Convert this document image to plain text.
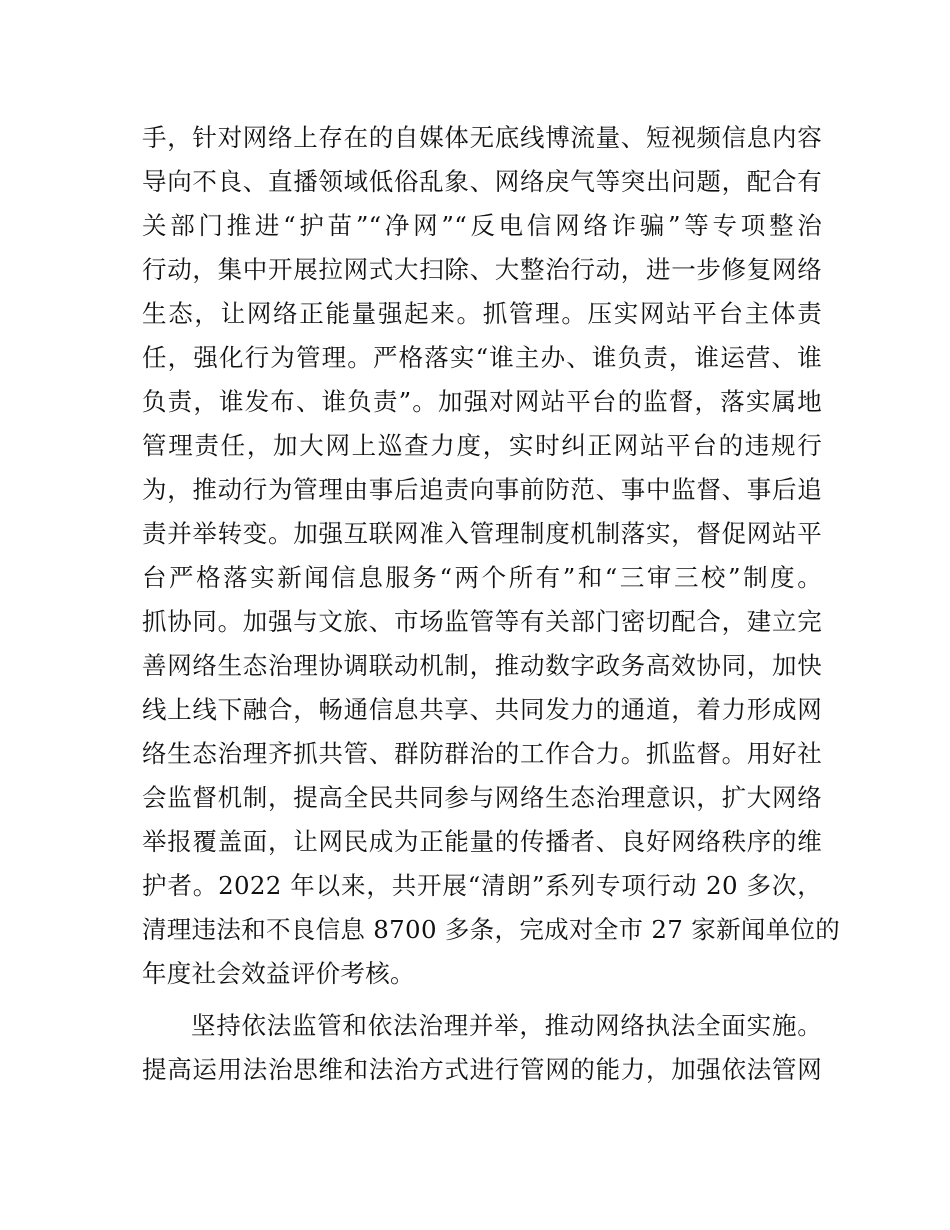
手，针对网络上存在的自媒体无底线博流量、短视频信息内容
导向不良、直播领域低俗乱象、网络戾气等突出问题，配合有
关部门推进“护苗”“净网”“反电信网络诈骗”等专项整治
行动，集中开展拉网式大扫除、大整治行动，进一步修复网络
生态，让网络正能量强起来。抓管理。压实网站平台主体责
任，强化行为管理。严格落实“谁主办、谁负责，谁运营、谁
负责，谁发布、谁负责”。加强对网站平台的监督，落实属地
管理责任，加大网上巡查力度，实时纠正网站平台的违规行
为，推动行为管理由事后追责向事前防范、事中监督、事后追
责并举转变。加强互联网准入管理制度机制落实，督促网站平
台严格落实新闻信息服务“两个所有”和“三审三校”制度。
抓协同。加强与文旅、市场监管等有关部门密切配合，建立完
善网络生态治理协调联动机制，推动数字政务高效协同，加快
线上线下融合，畅通信息共享、共同发力的通道，着力形成网
络生态治理齐抓共管、群防群治的工作合力。抓监督。用好社
会监督机制，提高全民共同参与网络生态治理意识，扩大网络
举报覆盖面，让网民成为正能量的传播者、良好网络秩序的维
护者。2022 年以来，共开展“清朗”系列专项行动 20 多次，
清理违法和不良信息 8700 多条，完成对全市 27 家新闻单位的
年度社会效益评价考核。
坚持依法监管和依法治理并举，推动网络执法全面实施。
提高运用法治思维和法治方式进行管网的能力，加强依法管网
